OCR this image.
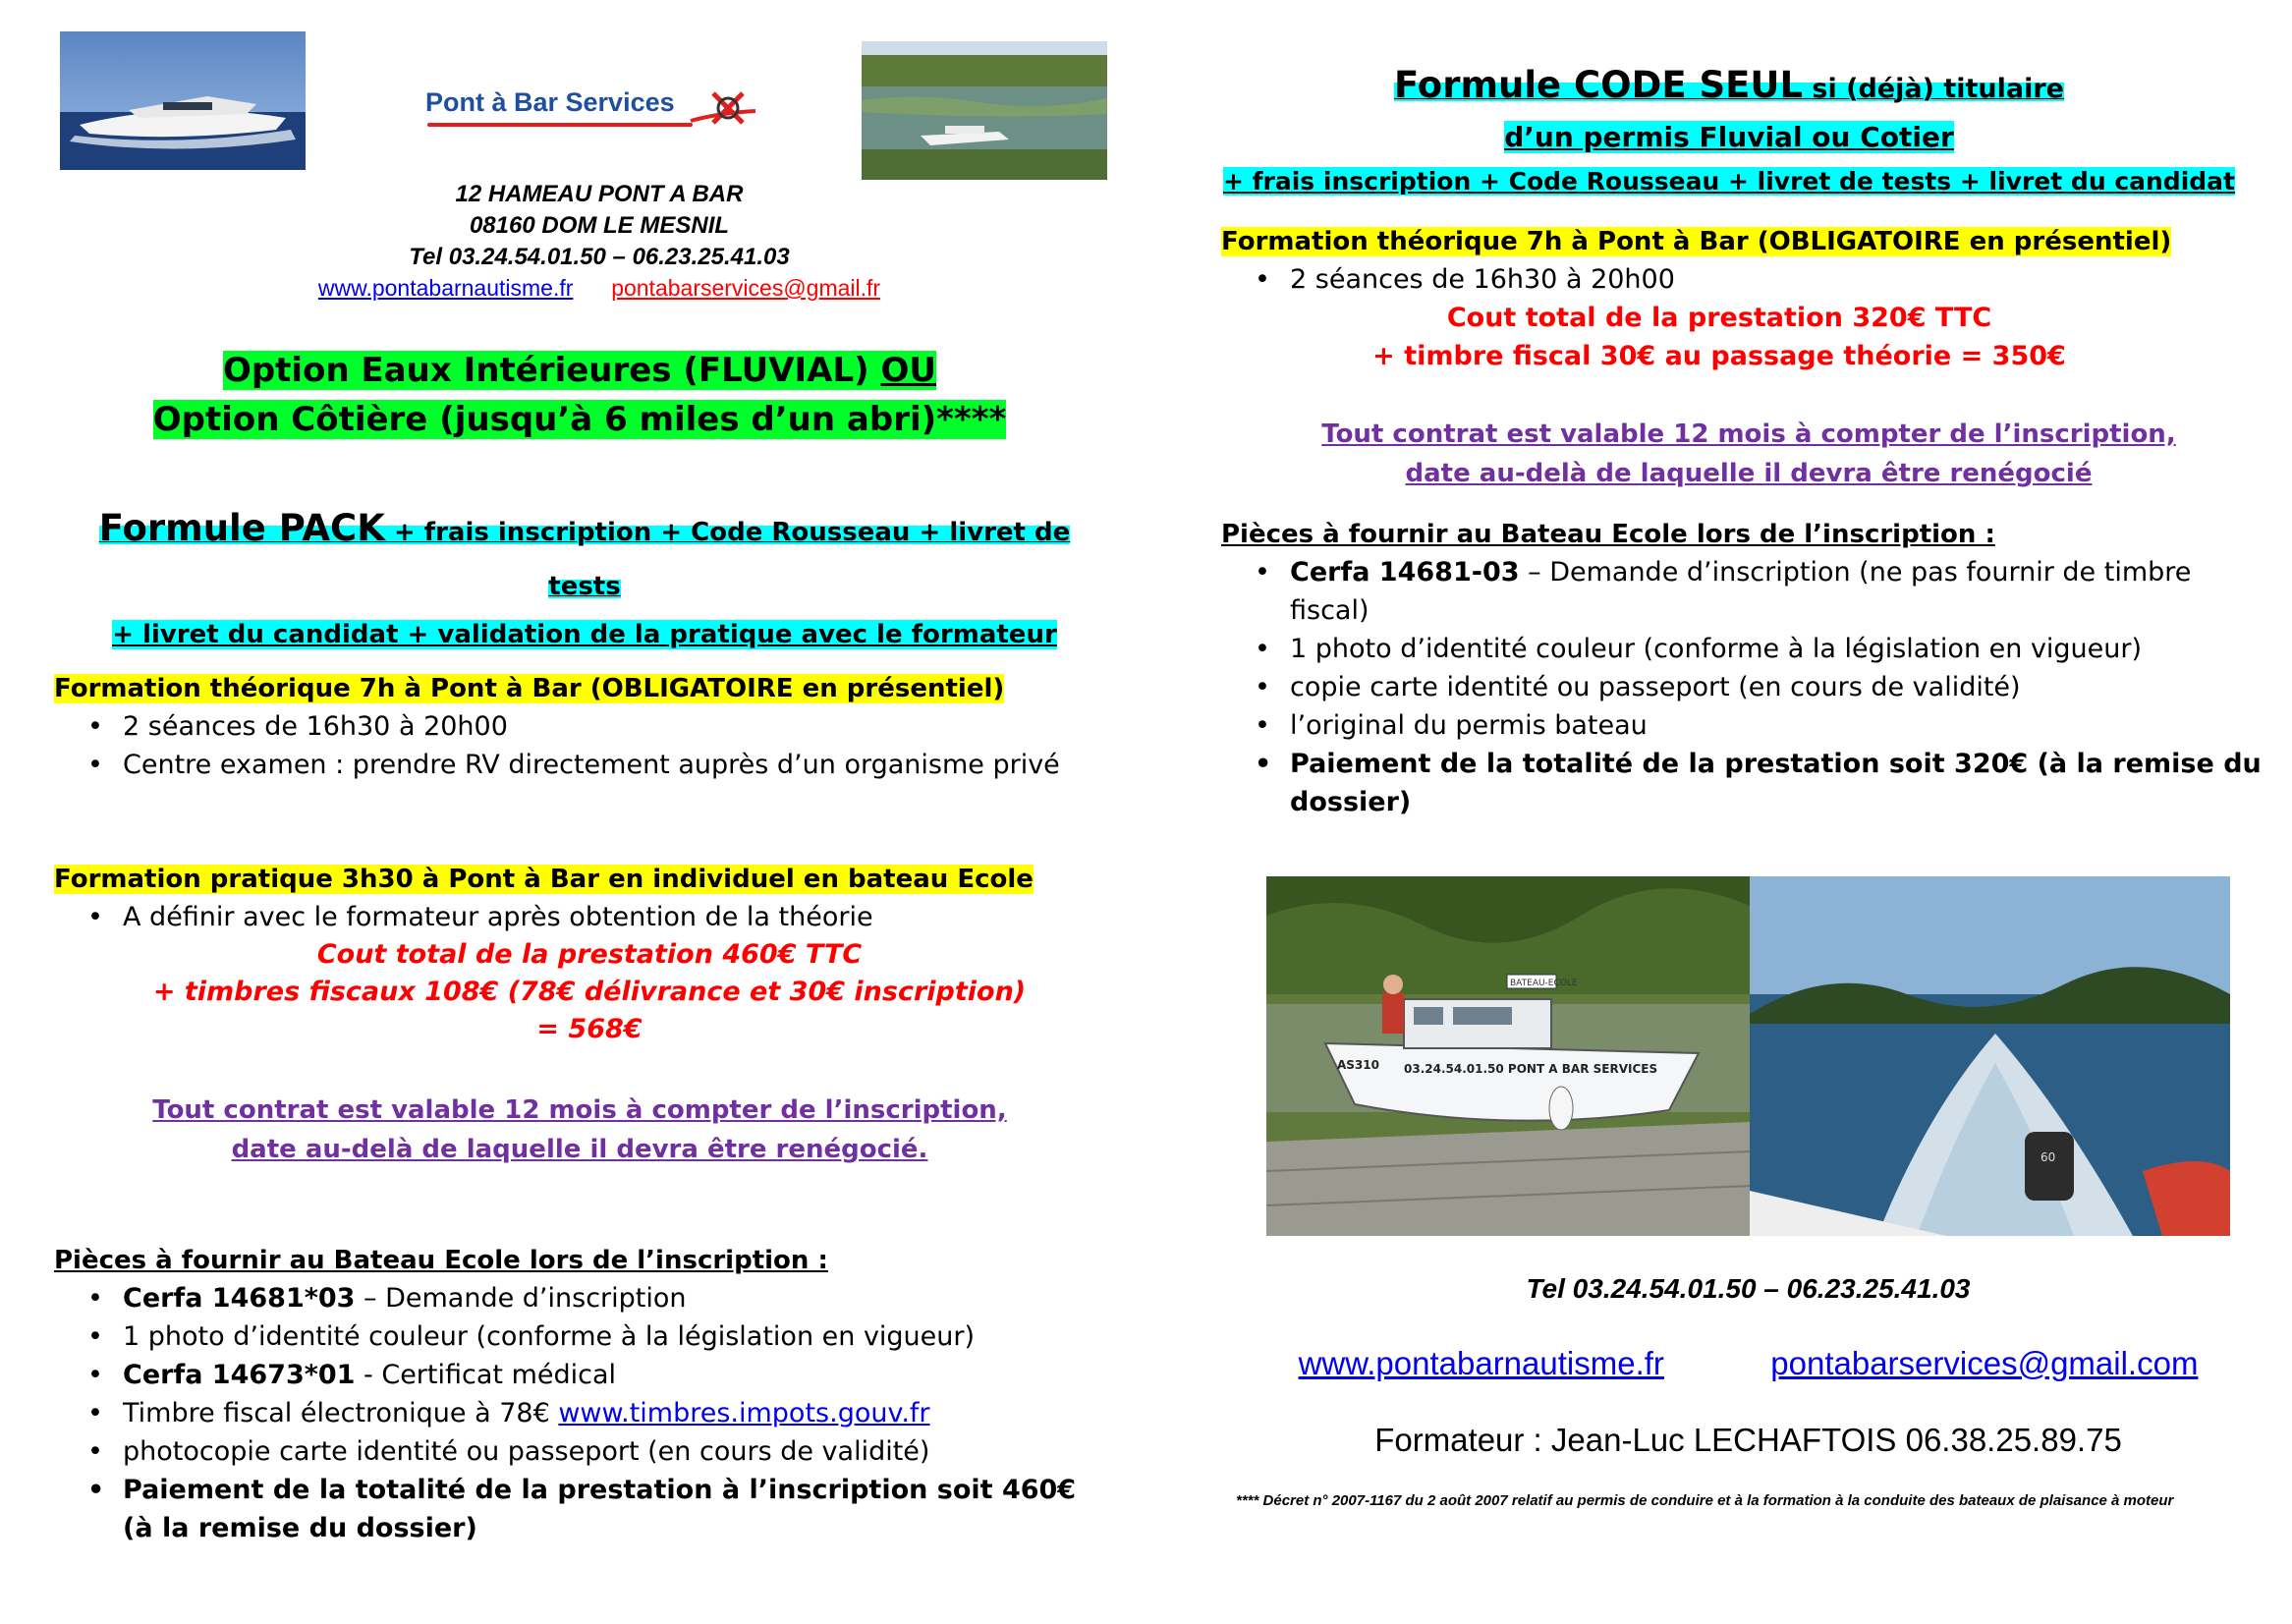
Pont à Bar Services
12 HAMEAU PONT A BAR
08160 DOM LE MESNIL
Tel 03.24.54.01.50 – 06.23.25.41.03
www.pontabarnautisme.fr pontabarservices@gmail.fr
Option Eaux Intérieures (FLUVIAL) OU
Option Côtière (jusqu’à 6 miles d’un abri)****
Formule PACK + frais inscription + Code Rousseau + livret de tests
+ livret du candidat + validation de la pratique avec le formateur
Formation théorique 7h à Pont à Bar (OBLIGATOIRE en présentiel)
• 2 séances de 16h30 à 20h00
• Centre examen : prendre RV directement auprès d’un organisme privé
Formation pratique 3h30 à Pont à Bar en individuel en bateau Ecole
• A définir avec le formateur après obtention de la théorie
Cout total de la prestation 460€ TTC
+ timbres fiscaux 108€ (78€ délivrance et 30€ inscription) = 568€
Tout contrat est valable 12 mois à compter de l’inscription,
date au-delà de laquelle il devra être renégocié.
Pièces à fournir au Bateau Ecole lors de l’inscription :
• Cerfa 14681*03 – Demande d’inscription
• 1 photo d’identité couleur (conforme à la législation en vigueur)
• Cerfa 14673*01 - Certificat médical
• Timbre fiscal électronique à 78€ www.timbres.impots.gouv.fr
• photocopie carte identité ou passeport (en cours de validité)
• Paiement de la totalité de la prestation à l’inscription soit 460€ (à la remise du dossier)
Formule CODE SEUL si (déjà) titulaire
d’un permis Fluvial ou Cotier
+ frais inscription + Code Rousseau + livret de tests + livret du candidat
Formation théorique 7h à Pont à Bar (OBLIGATOIRE en présentiel)
• 2 séances de 16h30 à 20h00
Cout total de la prestation 320€ TTC
+ timbre fiscal 30€ au passage théorie = 350€
Tout contrat est valable 12 mois à compter de l’inscription,
date au-delà de laquelle il devra être renégocié
Pièces à fournir au Bateau Ecole lors de l’inscription :
• Cerfa 14681-03 – Demande d’inscription (ne pas fournir de timbre fiscal)
• 1 photo d’identité couleur (conforme à la législation en vigueur)
• copie carte identité ou passeport (en cours de validité)
• l’original du permis bateau
• Paiement de la totalité de la prestation soit 320€ (à la remise du dossier)
BATEAU-ECOLE
AS310 03.24.54.01.50 PONT A BAR SERVICES
60
Tel 03.24.54.01.50 – 06.23.25.41.03
www.pontabarnautisme.fr	pontabarservices@gmail.com
Formateur : Jean-Luc LECHAFTOIS 06.38.25.89.75
**** Décret n° 2007-1167 du 2 août 2007 relatif au permis de conduire et à la formation à la conduite des bateaux de plaisance à moteur
